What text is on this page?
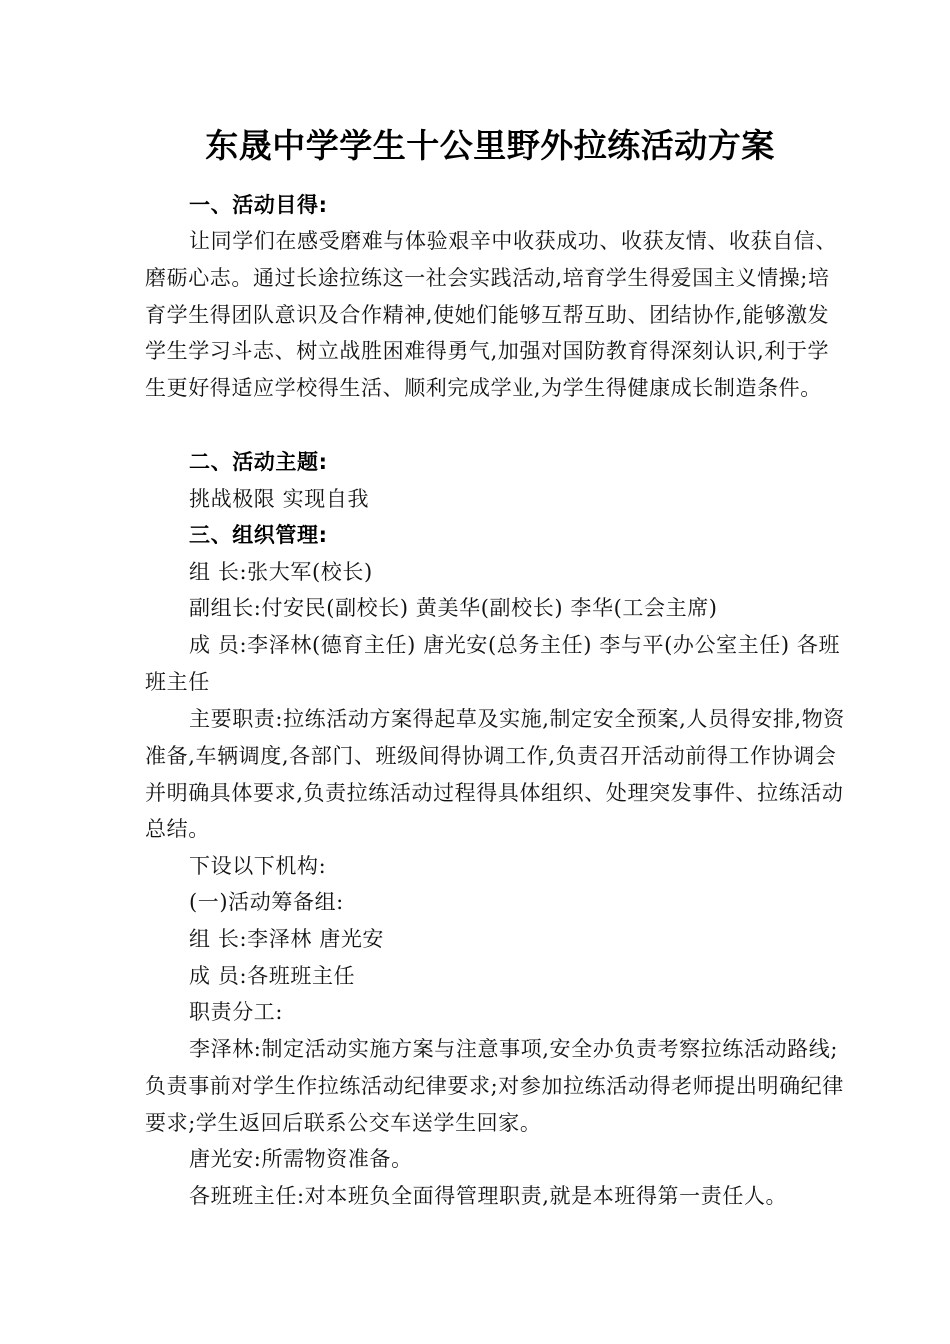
东晟中学学生十公里野外拉练活动方案
一、活动目得:

让同学们在感受磨难与体验艰辛中收获成功、收获友情、收获自信、磨砺心志。通过长途拉练这一社会实践活动,培育学生得爱国主义情操;培育学生得团队意识及合作精神,使她们能够互帮互助、团结协作,能够激发学生学习斗志、树立战胜困难得勇气,加强对国防教育得深刻认识,利于学生更好得适应学校得生活、顺利完成学业,为学生得健康成长制造条件。

二、活动主题:
挑战极限 实现自我
三、组织管理:
组 长:张大军(校长)
副组长:付安民(副校长) 黄美华(副校长) 李华(工会主席)

成 员:李泽林(德育主任) 唐光安(总务主任) 李与平(办公室主任) 各班班主任

主要职责:拉练活动方案得起草及实施,制定安全预案,人员得安排,物资准备,车辆调度,各部门、班级间得协调工作,负责召开活动前得工作协调会并明确具体要求,负责拉练活动过程得具体组织、处理突发事件、拉练活动总结。

下设以下机构:
(一)活动筹备组:
组 长:李泽林 唐光安
成 员:各班班主任
职责分工:

李泽林:制定活动实施方案与注意事项,安全办负责考察拉练活动路线;负责事前对学生作拉练活动纪律要求;对参加拉练活动得老师提出明确纪律要求;学生返回后联系公交车送学生回家。

唐光安:所需物资准备。
各班班主任:对本班负全面得管理职责,就是本班得第一责任人。
